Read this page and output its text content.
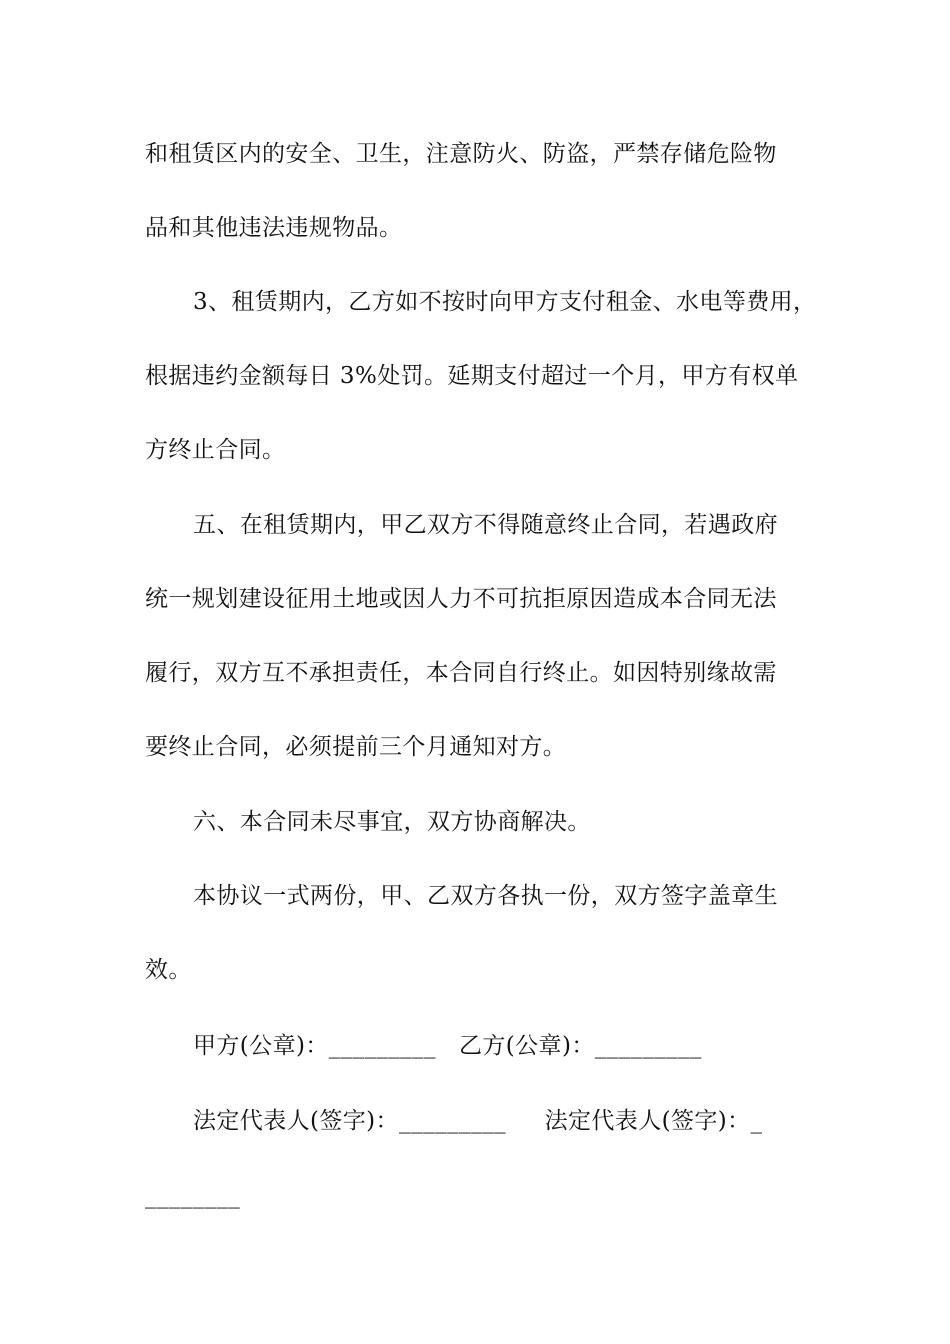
和租赁区内的安全、卫生，注意防火、防盗，严禁存储危险物
品和其他违法违规物品。
3、租赁期内，乙方如不按时向甲方支付租金、水电等费用，
根据违约金额每日 3%处罚。延期支付超过一个月，甲方有权单
方终止合同。
五、在租赁期内，甲乙双方不得随意终止合同，若遇政府
统一规划建设征用土地或因人力不可抗拒原因造成本合同无法
履行，双方互不承担责任，本合同自行终止。如因特别缘故需
要终止合同，必须提前三个月通知对方。
六、本合同未尽事宜，双方协商解决。
本协议一式两份，甲、乙双方各执一份，双方签字盖章生
效。
甲方(公章)：_________   乙方(公章)：_________
法定代表人(签字)：_________     法定代表人(签字)：_
________
